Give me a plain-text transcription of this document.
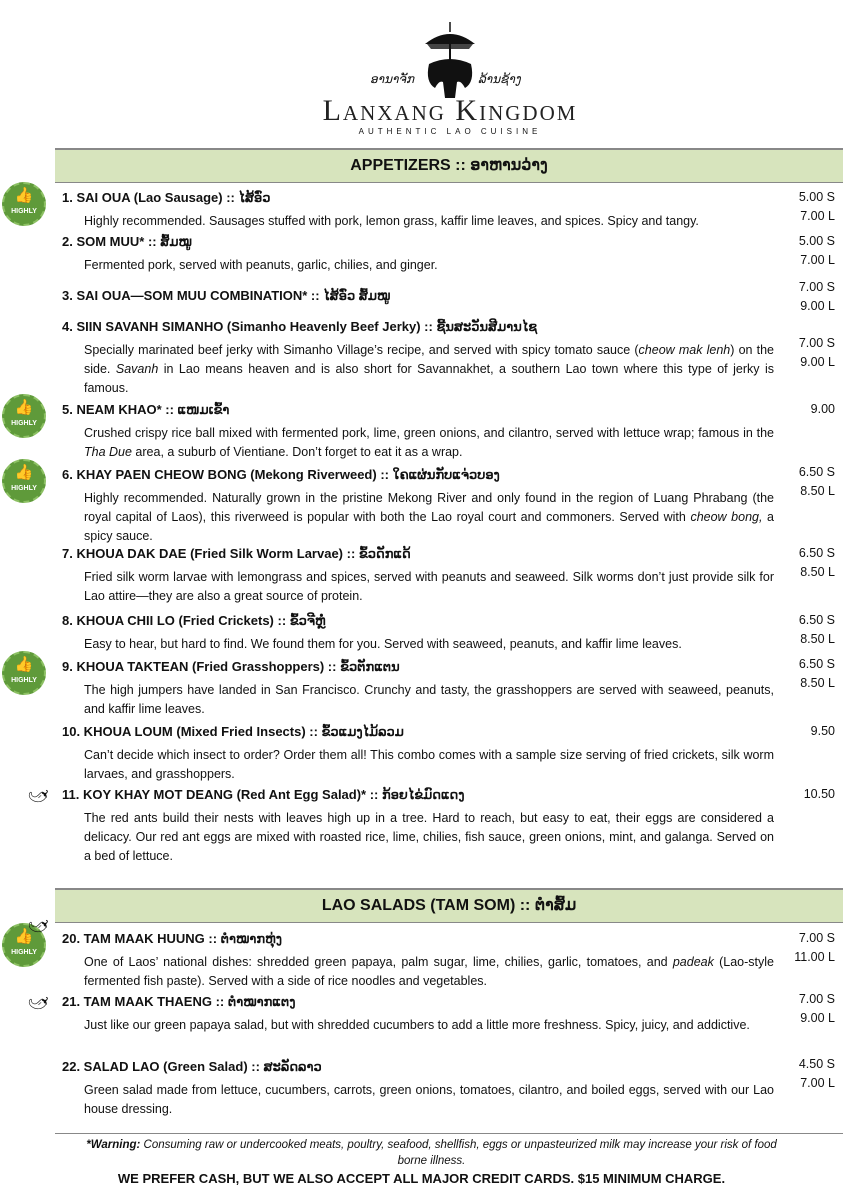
ອານາຈັກ	ລ້ານຊ້າງ
Lanxang Kingdom
AUTHENTIC LAO CUISINE
APPETIZERS :: ອາຫານວ່າງ
LAO SALADS (TAM SOM) :: ຕຳສົ້ມ
1. SAI OUA (Lao Sausage) :: ໄສ້ອົ່ວ
Highly recommended. Sausages stuffed with pork, lemon grass, kaffir lime leaves, and spices. Spicy and tangy.
5.00 S
7.00 L
👍
HIGHLY
2. SOM MUU* :: ສົ້ມໝູ
Fermented pork, served with peanuts, garlic, chilies, and ginger.
5.00 S
7.00 L
3. SAI OUA—SOM MUU COMBINATION* :: ໄສ້ອົ່ວ ສົ້ມໝູ
7.00 S
9.00 L
4. SIIN SAVANH SIMANHO (Simanho Heavenly Beef Jerky) :: ຊີ້ນສະວັນສີມານໄຊ
Specially marinated beef jerky with Simanho Village’s recipe, and served with spicy tomato sauce (cheow mak lenh) on the side. Savanh in Lao means heaven and is also short for Savannakhet, a southern Lao town where this type of jerky is famous.
7.00 S
9.00 L
5. NEAM KHAO* :: ແໜມເຂົ້າ
Crushed crispy rice ball mixed with fermented pork, lime, green onions, and cilantro, served with lettuce wrap; famous in the Tha Due area, a suburb of Vientiane. Don’t forget to eat it as a wrap.
9.00
👍
HIGHLY
6. KHAY PAEN CHEOW BONG (Mekong Riverweed) :: ໃຄແຜ່ນກັບແຈ່ວບອງ
Highly recommended. Naturally grown in the pristine Mekong River and only found in the region of Luang Phrabang (the royal capital of Laos), this riverweed is popular with both the Lao royal court and commoners. Served with cheow bong, a spicy sauce.
6.50 S
8.50 L
👍
HIGHLY
7. KHOUA DAK DAE (Fried Silk Worm Larvae) :: ຂົ້ວດັກແດ້
Fried silk worm larvae with lemongrass and spices, served with peanuts and seaweed. Silk worms don’t just provide silk for Lao attire—they are also a great source of protein.
6.50 S
8.50 L
8. KHOUA CHII LO (Fried Crickets) :: ຂົ້ວຈີຫຼໍ່
Easy to hear, but hard to find. We found them for you. Served with seaweed, peanuts, and kaffir lime leaves.
6.50 S
8.50 L
9. KHOUA TAKTEAN (Fried Grasshoppers) :: ຂົ້ວຕັກແຕນ
The high jumpers have landed in San Francisco. Crunchy and tasty, the grasshoppers are served with seaweed, peanuts, and kaffir lime leaves.
6.50 S
8.50 L
👍
HIGHLY
10. KHOUA LOUM (Mixed Fried Insects) :: ຂົ້ວແມງໄມ້ລວມ
Can’t decide which insect to order? Order them all! This combo comes with a sample size serving of fried crickets, silk worm larvaes, and grasshoppers.
9.50
11. KOY KHAY MOT DEANG (Red Ant Egg Salad)* :: ກ້ອຍໄຂ່ມົດແດງ
The red ants build their nests with leaves high up in a tree. Hard to reach, but easy to eat, their eggs are considered a delicacy. Our red ant eggs are mixed with roasted rice, lime, chilies, fish sauce, green onions, mint, and galanga. Served on a bed of lettuce.
10.50
🌶
20. TAM MAAK HUUNG :: ຕຳໝາກຫຸ່ງ
One of Laos’ national dishes: shredded green papaya, palm sugar, lime, chilies, garlic, tomatoes, and padeak (Lao-style fermented fish paste). Served with a side of rice noodles and vegetables.
7.00 S
11.00 L
👍
HIGHLY
🌶
21. TAM MAAK THAENG :: ຕຳໝາກແຕງ
Just like our green papaya salad, but with shredded cucumbers to add a little more freshness. Spicy, juicy, and addictive.
7.00 S
9.00 L
🌶
22. SALAD LAO (Green Salad) :: ສະລັດລາວ
Green salad made from lettuce, cucumbers, carrots, green onions, tomatoes, cilantro, and boiled eggs, served with our Lao house dressing.
4.50 S
7.00 L
*Warning: Consuming raw or undercooked meats, poultry, seafood, shellfish, eggs or unpasteurized milk may increase your risk of food borne illness.
WE PREFER CASH, BUT WE ALSO ACCEPT ALL MAJOR CREDIT CARDS. $15 MINIMUM CHARGE.
